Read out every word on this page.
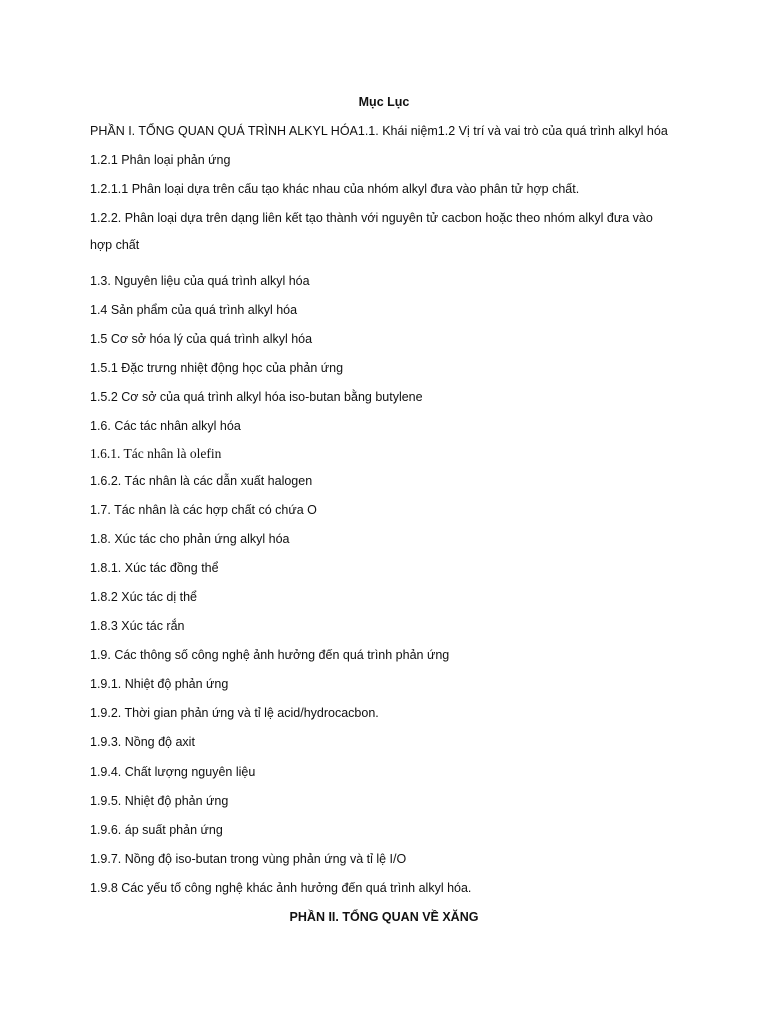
Mục Lục
PHẦN I. TỔNG QUAN QUÁ TRÌNH ALKYL HÓA1.1. Khái niệm1.2 Vị trí và vai trò của quá trình alkyl hóa
1.2.1 Phân loại phản ứng
1.2.1.1 Phân loại dựa trên cấu tạo khác nhau của nhóm alkyl đưa vào phân tử hợp chất.
1.2.2. Phân loại dựa trên dạng liên kết tạo thành với nguyên tử cacbon hoặc theo nhóm alkyl đưa vào
hợp chất
1.3. Nguyên liệu của quá trình alkyl hóa
1.4 Sản phẩm của quá trình alkyl hóa
1.5 Cơ sở hóa lý của quá trình alkyl hóa
1.5.1 Đặc trưng nhiệt động học của phản ứng
1.5.2 Cơ sở của quá trình alkyl hóa iso-butan bằng butylene
1.6. Các tác nhân alkyl hóa
1.6.1. Tác nhân là olefin
1.6.2. Tác nhân là các dẫn xuất halogen
1.7. Tác nhân là các hợp chất có chứa O
1.8. Xúc tác cho phản ứng alkyl hóa
1.8.1. Xúc tác đồng thể
1.8.2 Xúc tác dị thể
1.8.3 Xúc tác rắn
1.9. Các thông số công nghệ ảnh hưởng đến quá trình phản ứng
1.9.1. Nhiệt độ phản ứng
1.9.2. Thời gian phản ứng và tỉ lệ acid/hydrocacbon.
1.9.3. Nồng độ axit
1.9.4. Chất lượng nguyên liệu
1.9.5. Nhiệt độ phản ứng
1.9.6. áp suất phản ứng
1.9.7. Nồng độ iso-butan trong vùng phản ứng và tỉ lệ I/O
1.9.8 Các yếu tố công nghệ khác ảnh hưởng đến quá trình alkyl hóa.
PHẦN II. TỔNG QUAN VỀ XĂNG
